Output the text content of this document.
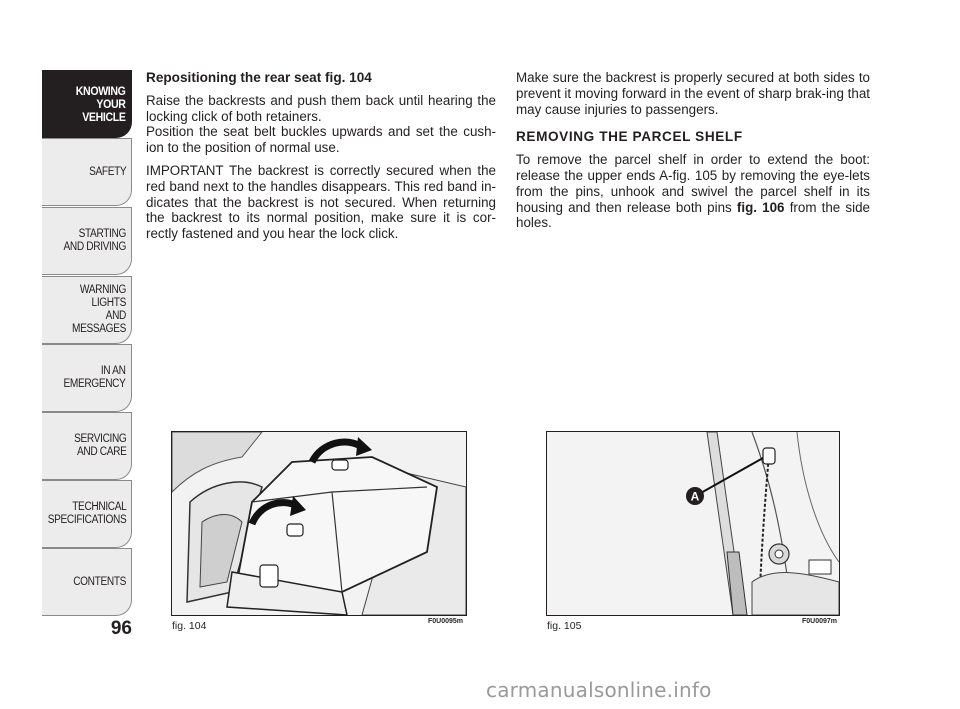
KNOWING
YOUR
VEHICLE
SAFETY
STARTING
AND DRIVING
WARNING LIGHTS
AND MESSAGES
IN AN
EMERGENCY
SERVICING
AND CARE
TECHNICAL
SPECIFICATIONS
CONTENTS
96
Repositioning the rear seat fig. 104

Raise the backrests and push them back until hearing the locking click of both retainers.

Position the seat belt buckles upwards and set the cush-ion to the position of normal use.

IMPORTANT The backrest is correctly secured when the red band next to the handles disappears. This red band in-dicates that the backrest is not secured. When returning the backrest to its normal position, make sure it is cor-rectly fastened and you hear the lock click.

Make sure the backrest is properly secured at both sides to prevent it moving forward in the event of sharp brak-ing that may cause injuries to passengers.

REMOVING THE PARCEL SHELF

To remove the parcel shelf in order to extend the boot: release the upper ends A-fig. 105 by removing the eye-lets from the pins, unhook and swivel the parcel shelf in its housing and then release both pins fig. 106 from the side holes.

fig. 104	F0U0095m
A
fig. 105	F0U0097m
carmanualsonline.info
